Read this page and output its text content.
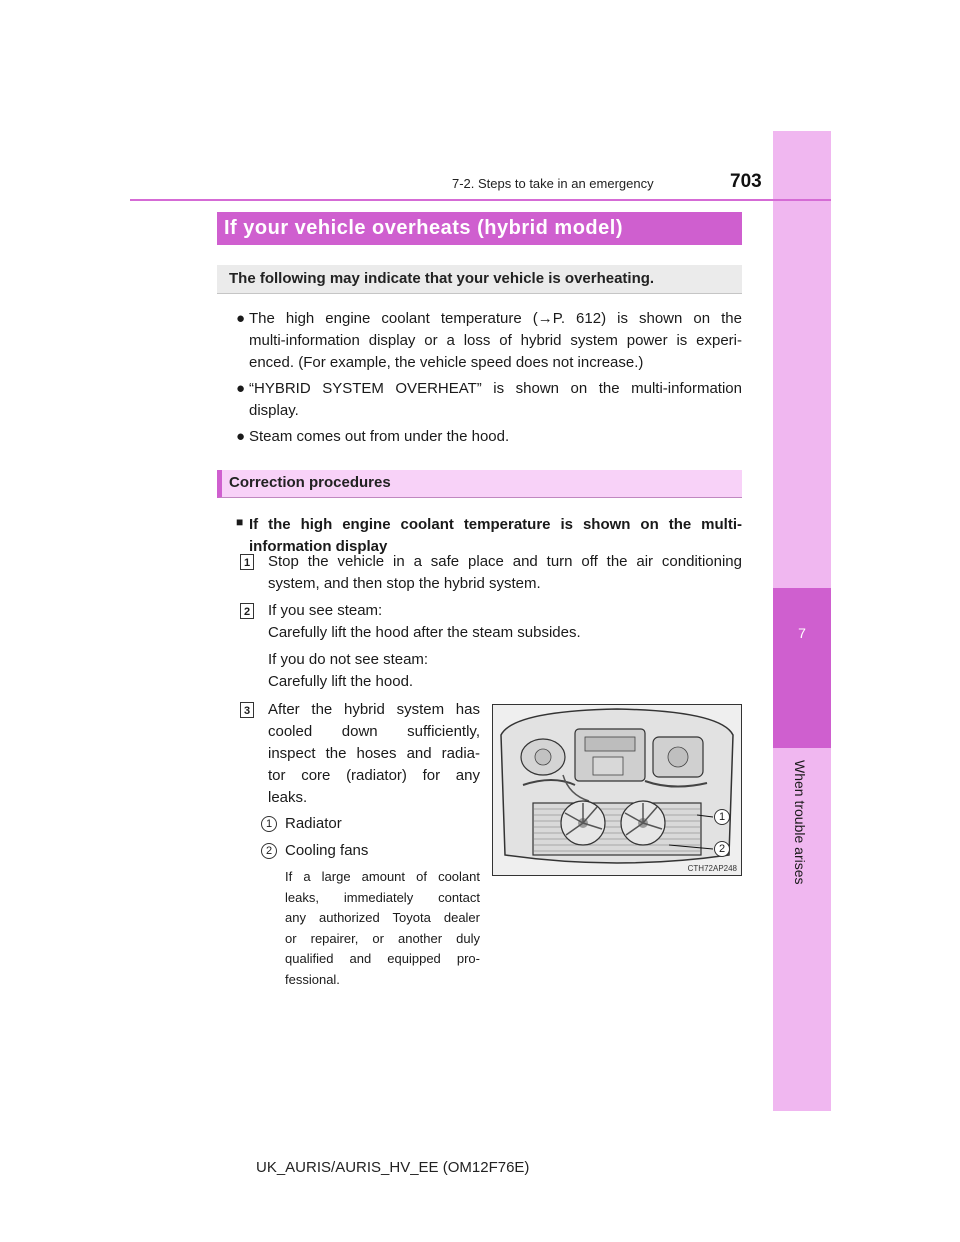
7
When trouble arises
7-2. Steps to take in an emergency	703
If your vehicle overheats (hybrid model)
The following may indicate that your vehicle is overheating.
● The high engine coolant temperature (→P. 612) is shown on the
multi-information display or a loss of hybrid system power is experi-
enced. (For example, the vehicle speed does not increase.)
● “HYBRID SYSTEM OVERHEAT” is shown on the multi-information
display.
● Steam comes out from under the hood.
Correction procedures
■ If the high engine coolant temperature is shown on the multi-
information display
1 Stop the vehicle in a safe place and turn off the air conditioning
system, and then stop the hybrid system.
2 If you see steam:
Carefully lift the hood after the steam subsides.
If you do not see steam:
Carefully lift the hood.
3 After the hybrid system has
cooled down sufficiently,
inspect the hoses and radia-
tor core (radiator) for any
leaks.
1 Radiator
2 Cooling fans
If a large amount of coolant
leaks, immediately contact
any authorized Toyota dealer
or repairer, or another duly
qualified and equipped pro-
fessional.
1
2
CTH72AP248
UK_AURIS/AURIS_HV_EE (OM12F76E)
